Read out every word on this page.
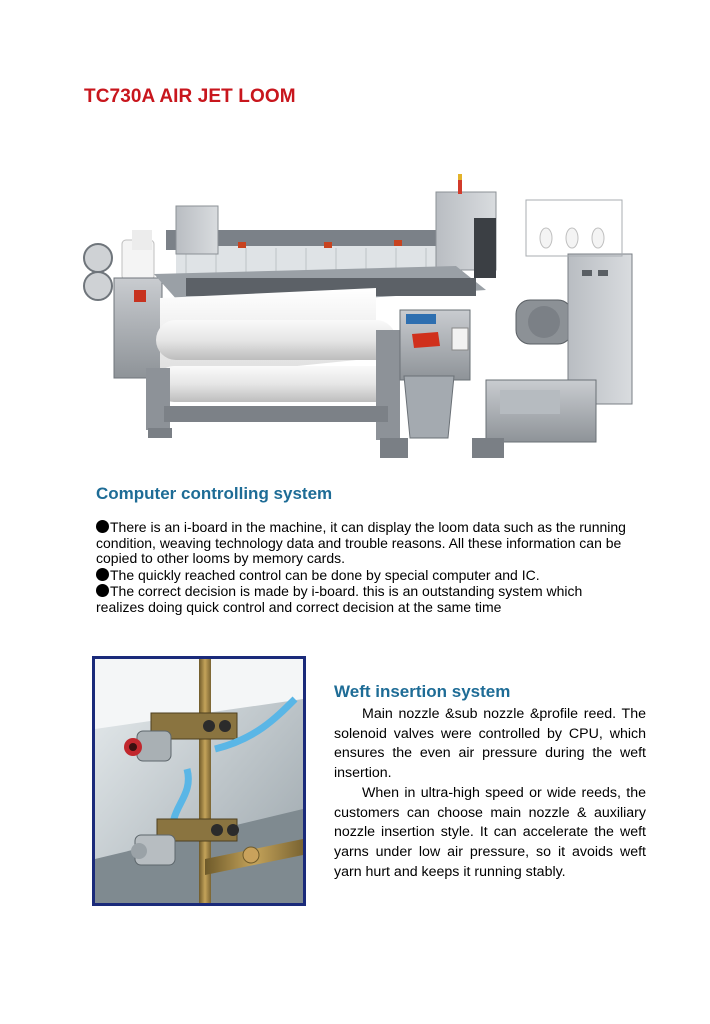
TC730A AIR JET LOOM
Computer controlling system
There is an i-board in the machine, it can display the loom data such as the running condition, weaving technology data and trouble reasons. All these information can be copied to other looms by memory cards.
The quickly reached control can be done by special computer and IC.
The correct decision is made by i-board. this is an outstanding system which realizes doing quick control and correct decision at the same time
Weft insertion system

Main nozzle &sub nozzle &profile reed. The solenoid valves were controlled by CPU, which ensures the even air pressure during the weft insertion.

When in ultra-high speed or wide reeds, the customers can choose main nozzle & auxiliary nozzle insertion style. It can accelerate the weft yarns under low air pressure, so it avoids weft yarn hurt and keeps it running stably.
